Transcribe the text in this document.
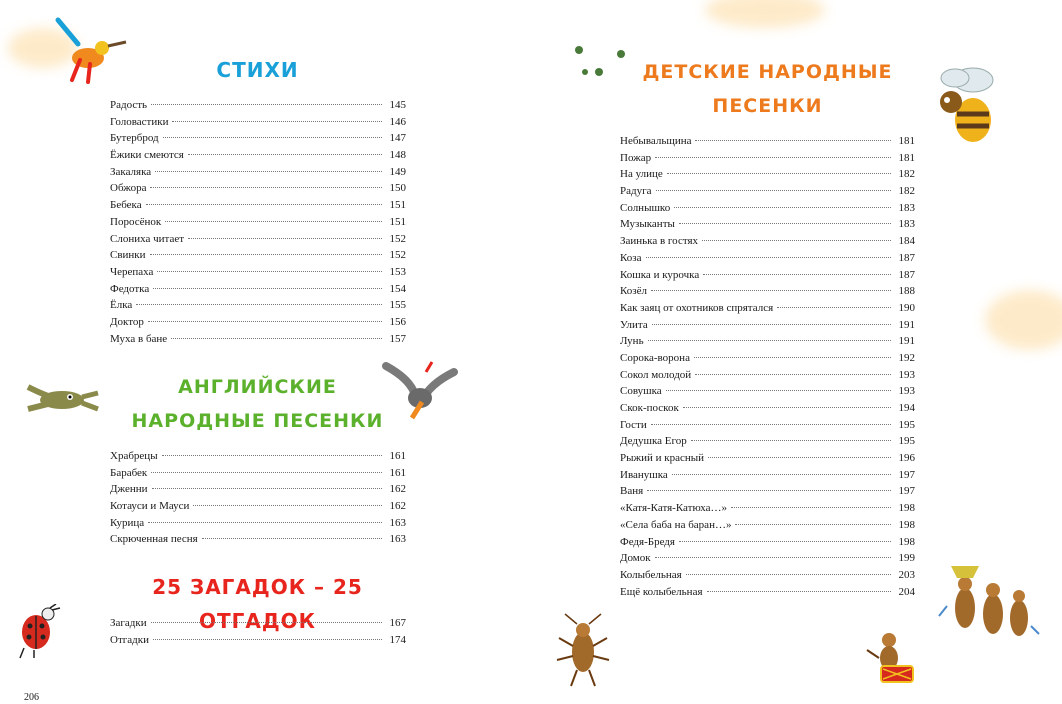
СТИХИ
Радость	145
Головастики	146
Бутерброд	147
Ёжики смеются	148
Закаляка	149
Обжора	150
Бебека	151
Поросёнок	151
Слониха читает	152
Свинки	152
Черепаха	153
Федотка	154
Ёлка	155
Доктор	156
Муха в бане	157
АНГЛИЙСКИЕ
НАРОДНЫЕ ПЕСЕНКИ
Храбрецы	161
Барабек	161
Дженни	162
Котауси и Мауси	162
Курица	163
Скрюченная песня	163
25 ЗАГАДОК – 25 ОТГАДОК
Загадки	167
Отгадки	174
206
ДЕТСКИЕ НАРОДНЫЕ
ПЕСЕНКИ
Небывальщина	181
Пожар	181
На улице	182
Радуга	182
Солнышко	183
Музыканты	183
Заинька в гостях	184
Коза	187
Кошка и курочка	187
Козёл	188
Как заяц от охотников спрятался	190
Улита	191
Лунь	191
Сорока-ворона	192
Сокол молодой	193
Совушка	193
Скок-поскок	194
Гости	195
Дедушка Егор	195
Рыжий и красный	196
Иванушка	197
Ваня	197
«Катя-Катя-Катюха…»	198
«Села баба на баран…»	198
Федя-Бредя	198
Домок	199
Колыбельная	203
Ещё колыбельная	204
